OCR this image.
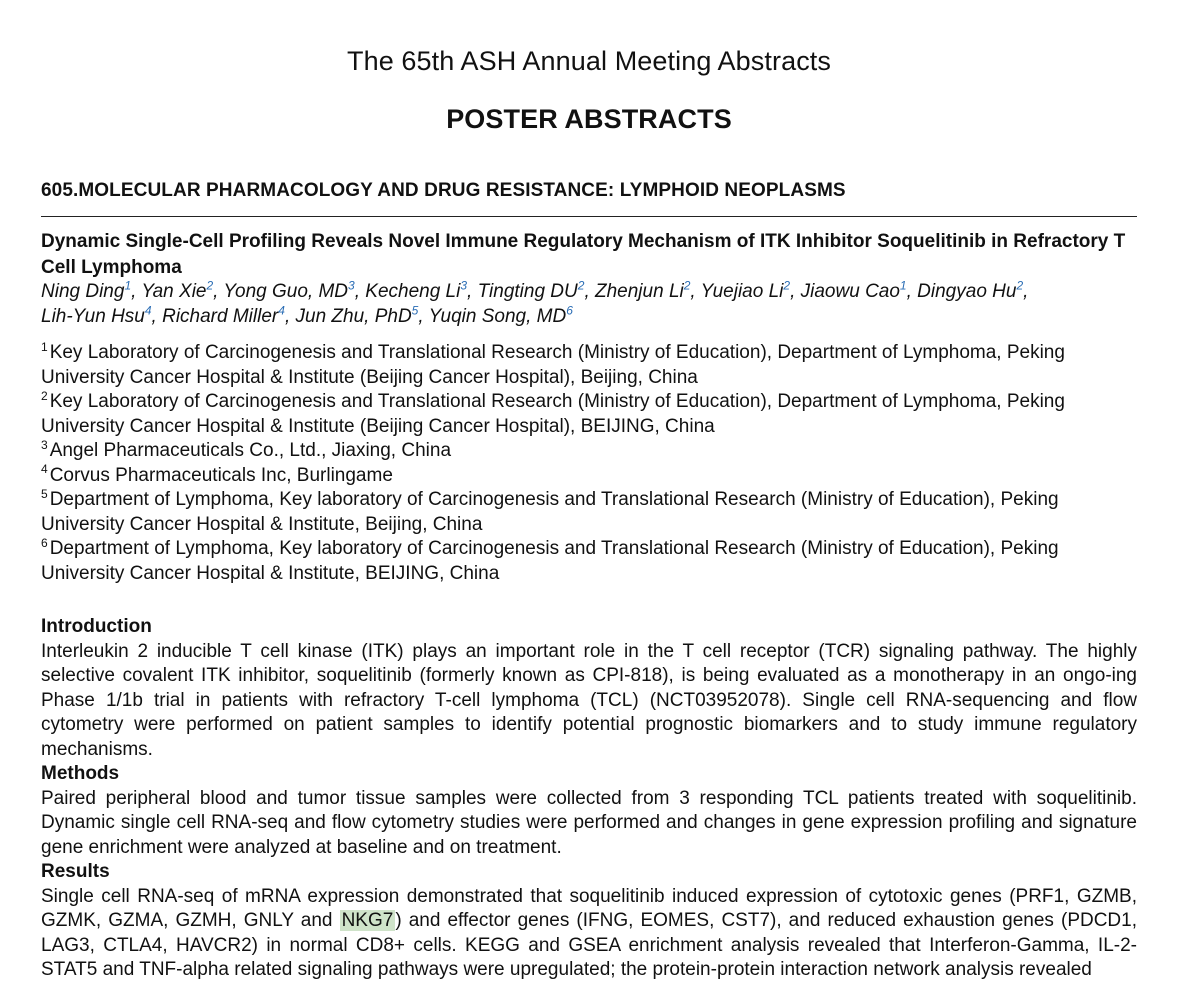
The 65th ASH Annual Meeting Abstracts
POSTER ABSTRACTS
605.MOLECULAR PHARMACOLOGY AND DRUG RESISTANCE: LYMPHOID NEOPLASMS
Dynamic Single-Cell Profiling Reveals Novel Immune Regulatory Mechanism of ITK Inhibitor Soquelitinib in Refractory T Cell Lymphoma
Ning Ding$^1$, Yan Xie$^2$, Yong Guo, MD$^3$, Kecheng Li$^3$, Tingting DU$^2$, Zhenjun Li$^2$, Yuejiao Li$^2$, Jiaowu Cao$^1$, Dingyao Hu$^2$,
Lih-Yun Hsu$^4$, Richard Miller$^4$, Jun Zhu, PhD$^5$, Yuqin Song, MD$^6$
$^1$ Key Laboratory of Carcinogenesis and Translational Research (Ministry of Education), Department of Lymphoma, Peking University Cancer Hospital & Institute (Beijing Cancer Hospital), Beijing, China
$^2$ Key Laboratory of Carcinogenesis and Translational Research (Ministry of Education), Department of Lymphoma, Peking University Cancer Hospital & Institute (Beijing Cancer Hospital), BEIJING, China
$^3$ Angel Pharmaceuticals Co., Ltd., Jiaxing, China
$^4$ Corvus Pharmaceuticals Inc, Burlingame
$^5$ Department of Lymphoma, Key laboratory of Carcinogenesis and Translational Research (Ministry of Education), Peking University Cancer Hospital & Institute, Beijing, China
$^6$ Department of Lymphoma, Key laboratory of Carcinogenesis and Translational Research (Ministry of Education), Peking University Cancer Hospital & Institute, BEIJING, China
Introduction
Interleukin 2 inducible T cell kinase (ITK) plays an important role in the T cell receptor (TCR) signaling pathway. The highly selective covalent ITK inhibitor, soquelitinib (formerly known as CPI-818), is being evaluated as a monotherapy in an ongo-ing Phase 1/1b trial in patients with refractory T-cell lymphoma (TCL) (NCT03952078). Single cell RNA-sequencing and flow cytometry were performed on patient samples to identify potential prognostic biomarkers and to study immune regulatory mechanisms.
Methods
Paired peripheral blood and tumor tissue samples were collected from 3 responding TCL patients treated with soquelitinib. Dynamic single cell RNA-seq and flow cytometry studies were performed and changes in gene expression profiling and signature gene enrichment were analyzed at baseline and on treatment.
Results
Single cell RNA-seq of mRNA expression demonstrated that soquelitinib induced expression of cytotoxic genes (PRF1, GZMB, GZMK, GZMA, GZMH, GNLY and NKG7 ) and effector genes (IFNG, EOMES, CST7), and reduced exhaustion genes (PDCD1, LAG3, CTLA4, HAVCR2) in normal CD8+ cells. KEGG and GSEA enrichment analysis revealed that Interferon-Gamma, IL-2-STAT5 and TNF-alpha related signaling pathways were upregulated; the protein-protein interaction network analysis revealed
